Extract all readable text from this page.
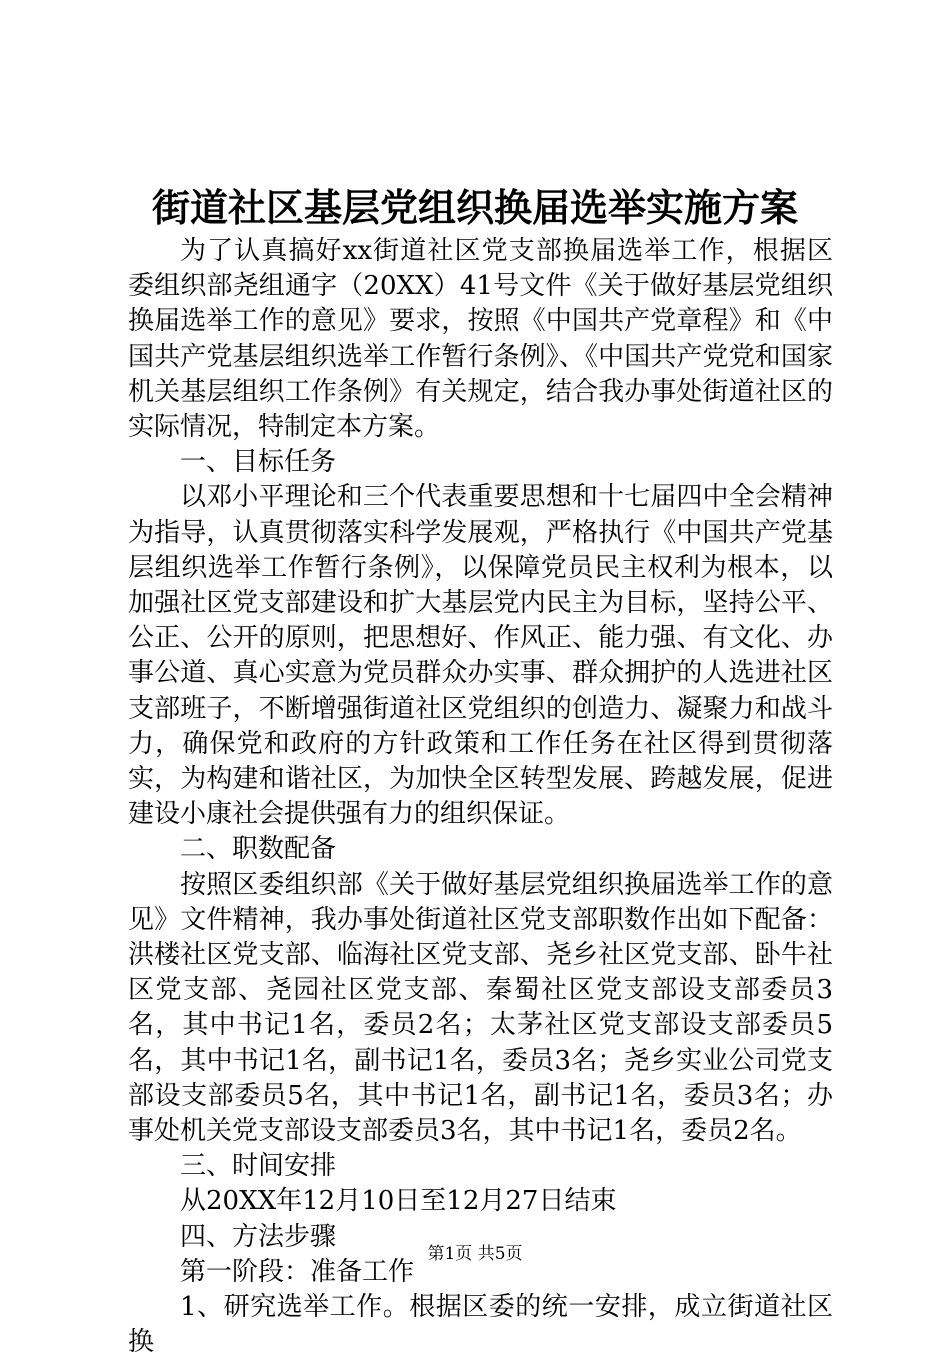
街道社区基层党组织换届选举实施方案

为了认真搞好xx街道社区党支部换届选举工作，根据区委组织部尧组通字（20XX）41号文件《关于做好基层党组织换届选举工作的意见》要求，按照《中国共产党章程》和《中国共产党基层组织选举工作暂行条例》、《中国共产党党和国家机关基层组织工作条例》有关规定，结合我办事处街道社区的实际情况，特制定本方案。

一、目标任务

以邓小平理论和三个代表重要思想和十七届四中全会精神为指导，认真贯彻落实科学发展观，严格执行《中国共产党基层组织选举工作暂行条例》，以保障党员民主权利为根本，以加强社区党支部建设和扩大基层党内民主为目标，坚持公平、公正、公开的原则，把思想好、作风正、能力强、有文化、办事公道、真心实意为党员群众办实事、群众拥护的人选进社区支部班子，不断增强街道社区党组织的创造力、凝聚力和战斗力，确保党和政府的方针政策和工作任务在社区得到贯彻落实，为构建和谐社区，为加快全区转型发展、跨越发展，促进建设小康社会提供强有力的组织保证。

二、职数配备

按照区委组织部《关于做好基层党组织换届选举工作的意见》文件精神，我办事处街道社区党支部职数作出如下配备：洪楼社区党支部、临海社区党支部、尧乡社区党支部、卧牛社区党支部、尧园社区党支部、秦蜀社区党支部设支部委员3名，其中书记1名，委员2名；太茅社区党支部设支部委员5名，其中书记1名，副书记1名，委员3名；尧乡实业公司党支部设支部委员5名，其中书记1名，副书记1名，委员3名；办事处机关党支部设支部委员3名，其中书记1名，委员2名。

三、时间安排

从20XX年12月10日至12月27日结束

四、方法步骤

第一阶段：准备工作

1、研究选举工作。根据区委的统一安排，成立街道社区换

第1页 共5页
